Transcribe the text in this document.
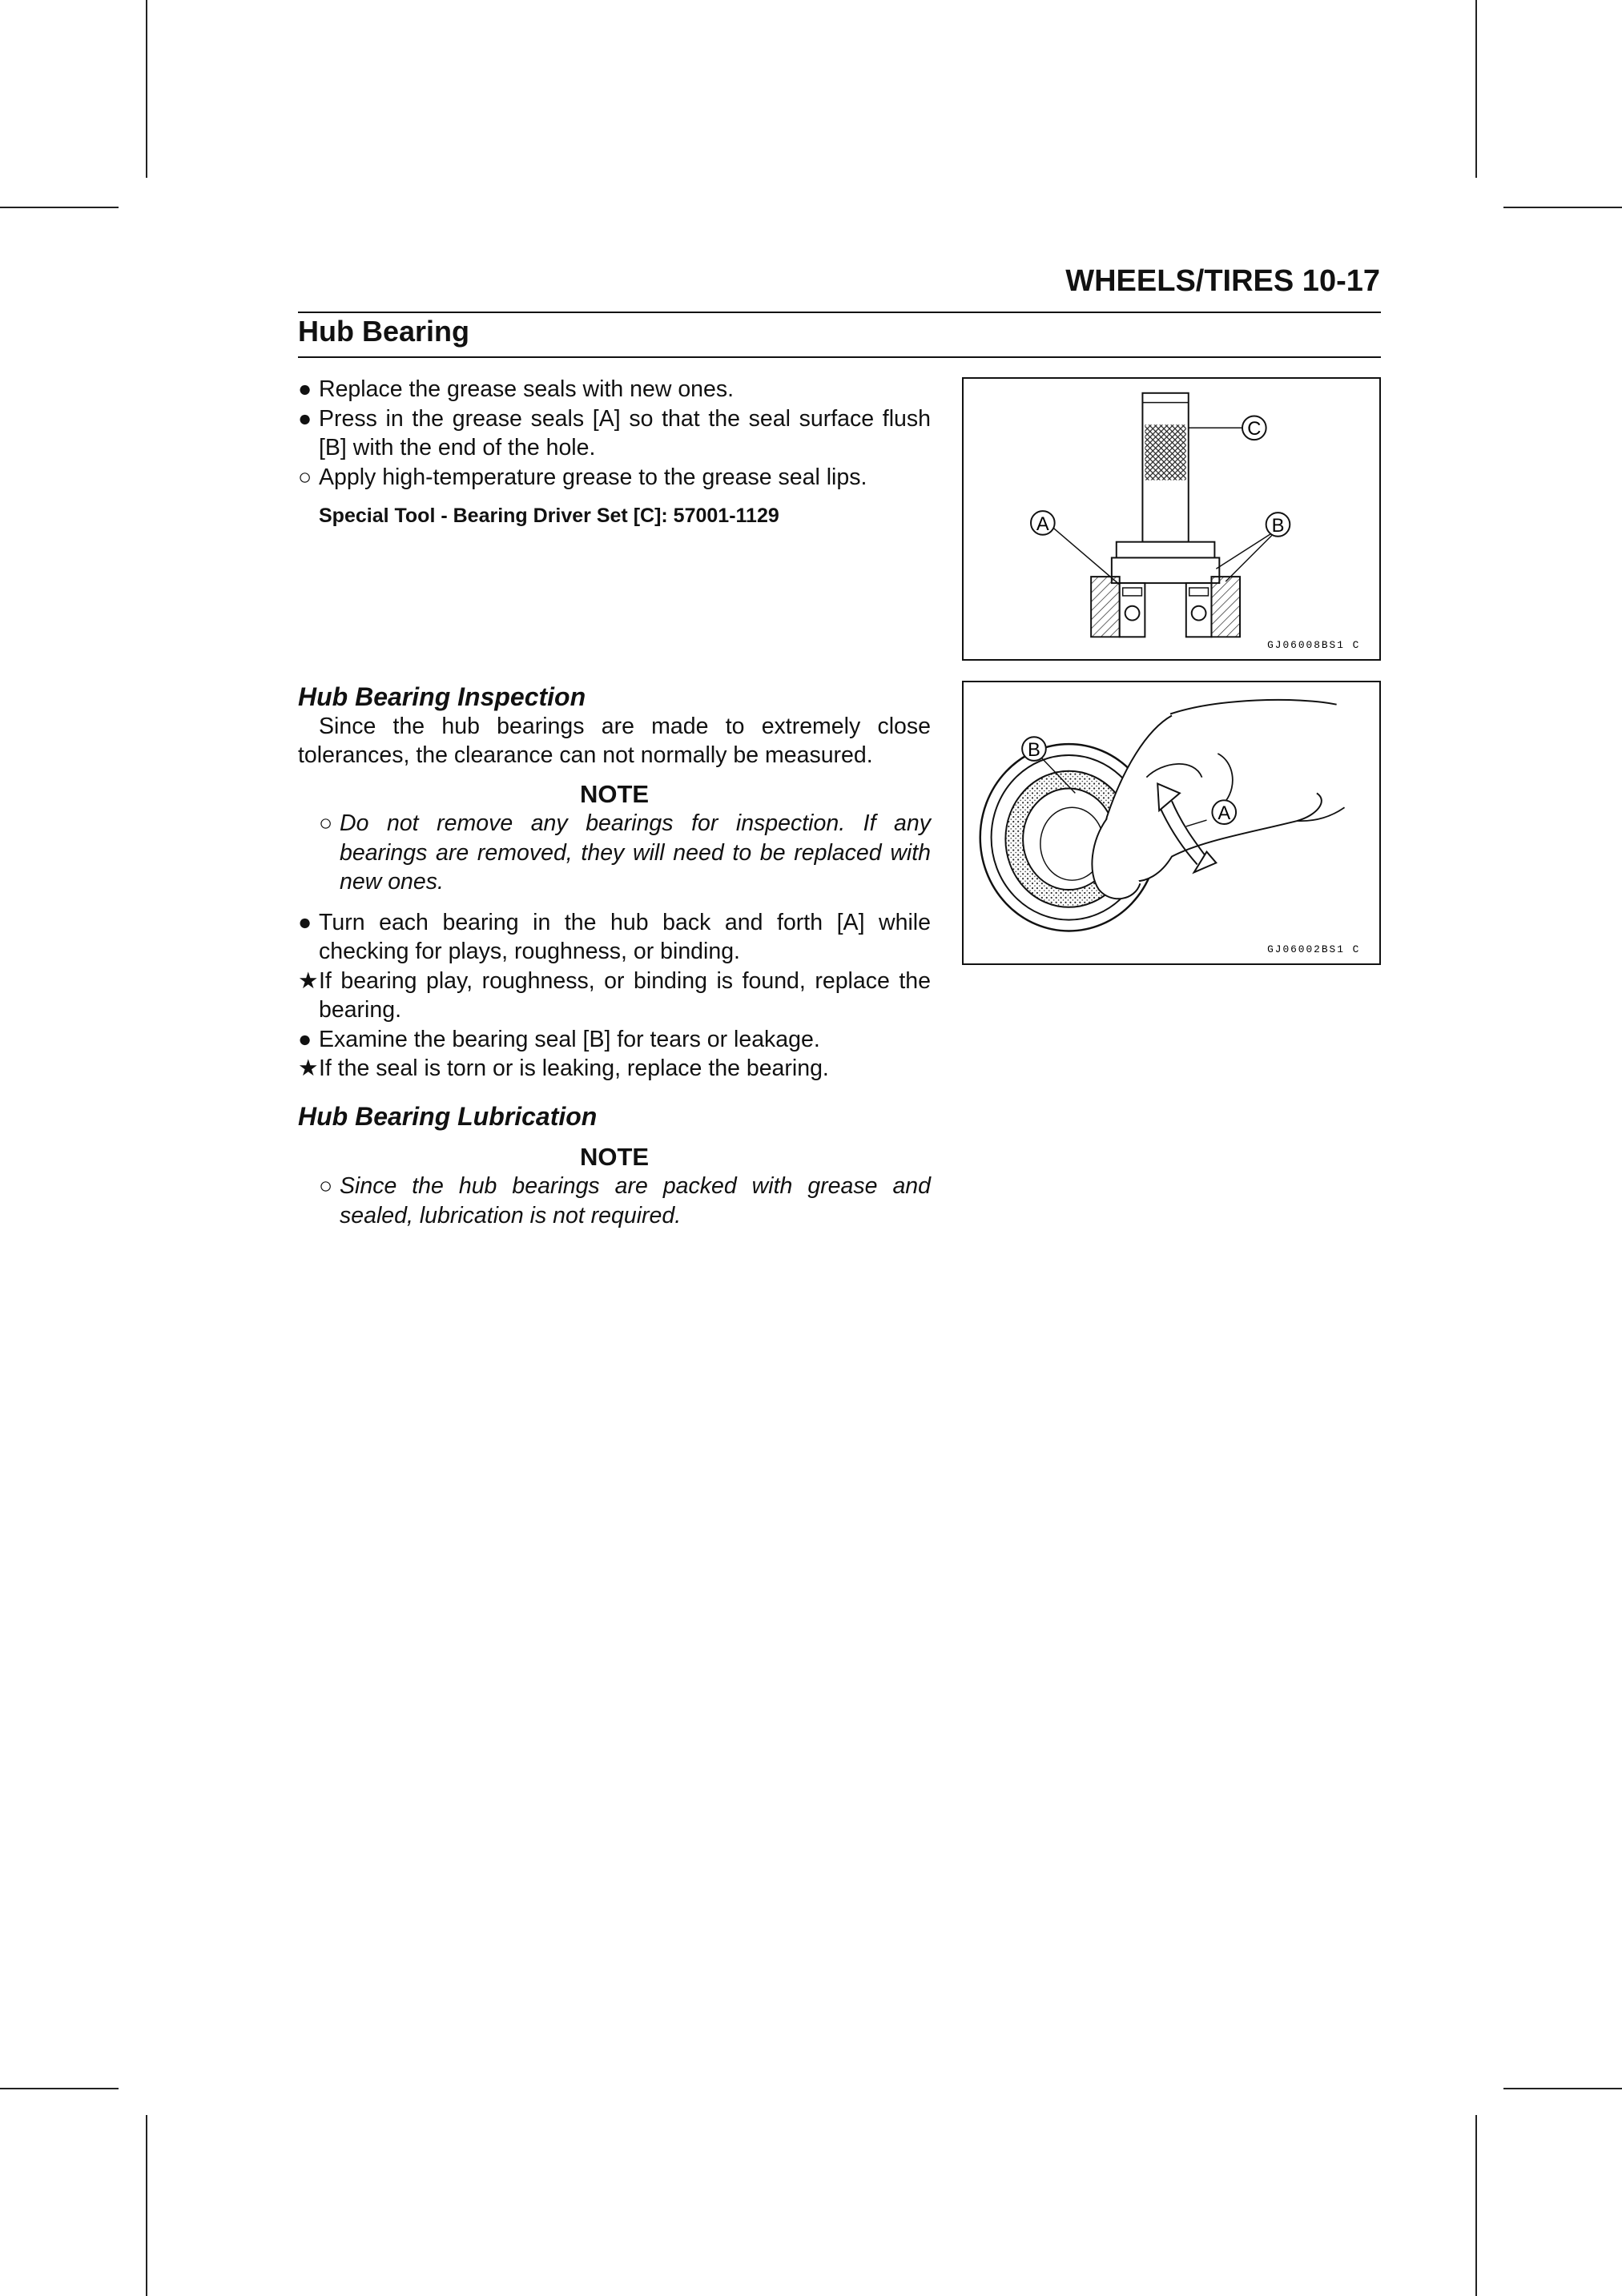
WHEELS/TIRES 10-17
Hub Bearing
● Replace the grease seals with new ones.
● Press in the grease seals [A] so that the seal surface flush [B] with the end of the hole.
○ Apply high-temperature grease to the grease seal lips.
Special Tool - Bearing Driver Set [C]: 57001-1129
Hub Bearing Inspection
Since the hub bearings are made to extremely close tolerances, the clearance can not normally be measured.
NOTE
○ Do not remove any bearings for inspection. If any bearings are removed, they will need to be replaced with new ones.
● Turn each bearing in the hub back and forth [A] while checking for plays, roughness, or binding.
★ If bearing play, roughness, or binding is found, replace the bearing.
● Examine the bearing seal [B] for tears or leakage.
★ If the seal is torn or is leaking, replace the bearing.
Hub Bearing Lubrication
NOTE
○ Since the hub bearings are packed with grease and sealed, lubrication is not required.
C
A	B
GJ06008BS1 C
B
A
GJ06002BS1 C
